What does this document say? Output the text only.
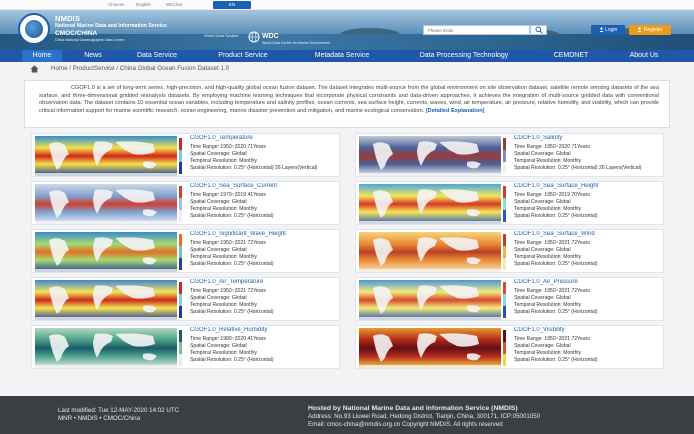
Chinese	English	WeChat	EN
NMDIS
National Marine Data and Information Service
CMOC/CHINA
China National Oceanographic Data Center
World Data System	WDC
World Data Center for Marine Environment
Please Enter
Login	Register
Home	News	Data Service	Product Service	Metadata Service	Data Processing Technology	CEMDNET	About Us
Home / ProductService / China Global Ocean Fusion Dataset 1.0
CGOF1.0 is a set of long-term series, high-precision, and high-quality global ocean fusion dataset. The dataset integrates multi-source from the global environment on site observation dataset, satellite remote sensing datasets of the sea surface, and three-dimensional gridded reanalysis datasets. By employing machine learning techniques that incorporate physical constraints and data-driven approaches, it achieves the integration of multi-source gridded data with conventional observation data. The dataset contains 10 essential ocean variables, including temperature and salinity profiles, ocean currents, sea surface height, currents, waves, wind, air temperature, air pressure, relative humidity, and visibility, which can provide critical information support for marine scientific research, ocean engineering, marine disaster prevention and mitigation, and marine ecological conservation. [Detailed Explanation]
CGOF1.0_Temperature
Time Range: 1950~2020 71Years
Spatial Coverage: Global
Temporal Resolution: Monthly
Spatial Resolution: 0.25° (Horizontal) 26 Layers(Vertical)
CGOF1.0_Salinity
Time Range: 1950~2020 71Years
Spatial Coverage: Global
Temporal Resolution: Monthly
Spatial Resolution: 0.25° (Horizontal) 26 Layers(Vertical)
CGOF1.0_Sea_Surface_Current
Time Range: 1979~2019 41Years
Spatial Coverage: Global
Temporal Resolution: Monthly
Spatial Resolution: 0.25° (Horizontal)
CGOF1.0_Sea_Surface_Height
Time Range: 1950~2019 70Years
Spatial Coverage: Global
Temporal Resolution: Monthly
Spatial Resolution: 0.25° (Horizontal)
CGOF1.0_Significant_Wave_Height
Time Range: 1950~2021 72Years
Spatial Coverage: Global
Temporal Resolution: Monthly
Spatial Resolution: 0.25° (Horizontal)
CGOF1.0_Sea_Surface_Wind
Time Range: 1950~2021 72Years
Spatial Coverage: Global
Temporal Resolution: Monthly
Spatial Resolution: 0.25° (Horizontal)
CGOF1.0_Air_Temperature
Time Range: 1950~2021 72Years
Spatial Coverage: Global
Temporal Resolution: Monthly
Spatial Resolution: 0.25° (Horizontal)
CGOF1.0_Air_Pressure
Time Range: 1950~2021 72Years
Spatial Coverage: Global
Temporal Resolution: Monthly
Spatial Resolution: 0.25° (Horizontal)
CGOF1.0_Relative_Humidity
Time Range: 1980~2020 41Years
Spatial Coverage: Global
Temporal Resolution: Monthly
Spatial Resolution: 0.25° (Horizontal)
CGOF1.0_Visibility
Time Range: 1950~2021 72Years
Spatial Coverage: Global
Temporal Resolution: Monthly
Spatial Resolution: 0.25° (Horizontal)
Last modified: Tue 12-MAY-2020 14:02 UTC
MNR • NMDIS • CMOC/China
Hosted by National Marine Data and Information Service (NMDIS)
Address: No.93 Liuwei Road, Hedong District, Tianjin, China, 300171, ICP:05001050
Email: cmoc-china@nmdis.org.cn Copyright NMDIS. All rights reserved
